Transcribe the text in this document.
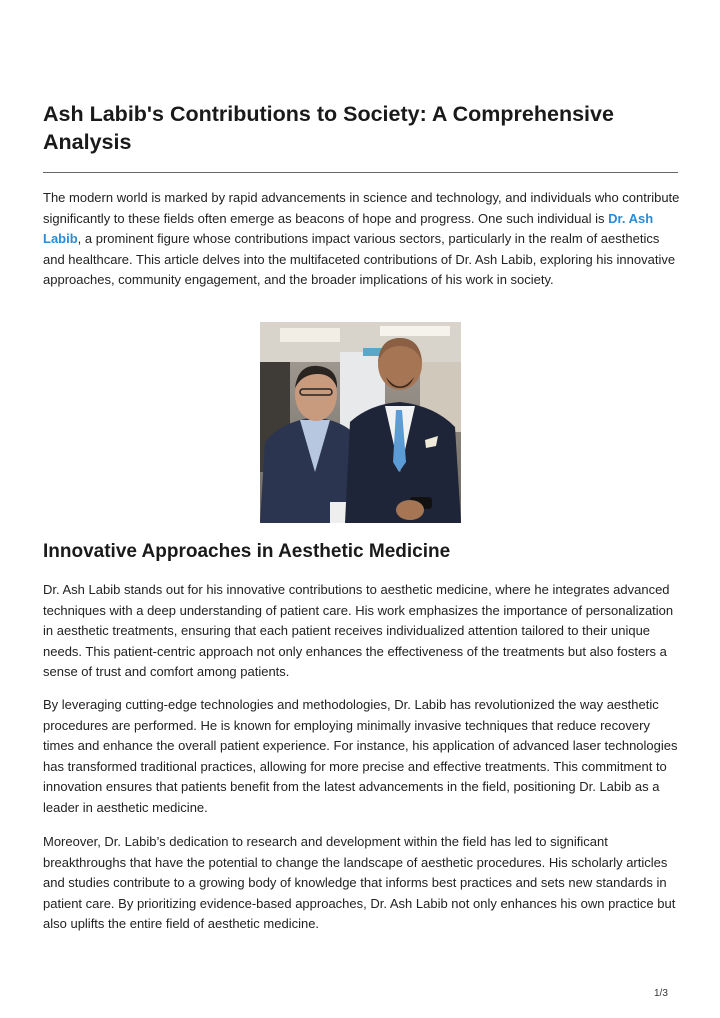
Ash Labib's Contributions to Society: A Comprehensive Analysis

The modern world is marked by rapid advancements in science and technology, and individuals who contribute significantly to these fields often emerge as beacons of hope and progress. One such individual is Dr. Ash Labib, a prominent figure whose contributions impact various sectors, particularly in the realm of aesthetics and healthcare. This article delves into the multifaceted contributions of Dr. Ash Labib, exploring his innovative approaches, community engagement, and the broader implications of his work in society.

Innovative Approaches in Aesthetic Medicine

Dr. Ash Labib stands out for his innovative contributions to aesthetic medicine, where he integrates advanced techniques with a deep understanding of patient care. His work emphasizes the importance of personalization in aesthetic treatments, ensuring that each patient receives individualized attention tailored to their unique needs. This patient-centric approach not only enhances the effectiveness of the treatments but also fosters a sense of trust and comfort among patients.

By leveraging cutting-edge technologies and methodologies, Dr. Labib has revolutionized the way aesthetic procedures are performed. He is known for employing minimally invasive techniques that reduce recovery times and enhance the overall patient experience. For instance, his application of advanced laser technologies has transformed traditional practices, allowing for more precise and effective treatments. This commitment to innovation ensures that patients benefit from the latest advancements in the field, positioning Dr. Labib as a leader in aesthetic medicine.

Moreover, Dr. Labib’s dedication to research and development within the field has led to significant breakthroughs that have the potential to change the landscape of aesthetic procedures. His scholarly articles and studies contribute to a growing body of knowledge that informs best practices and sets new standards in patient care. By prioritizing evidence-based approaches, Dr. Ash Labib not only enhances his own practice but also uplifts the entire field of aesthetic medicine.

1/3
